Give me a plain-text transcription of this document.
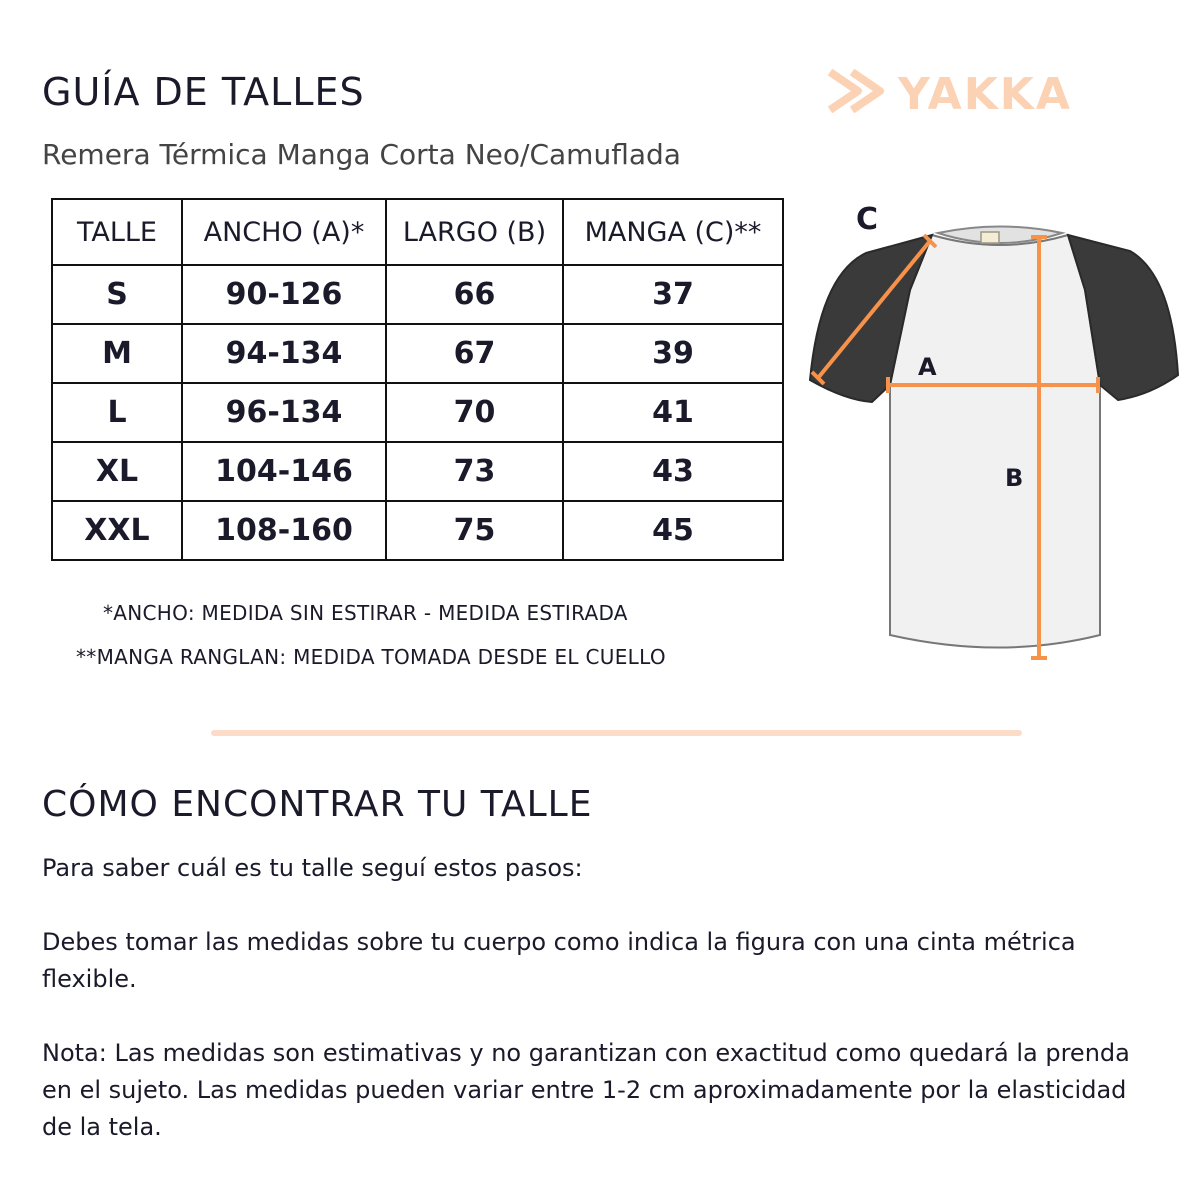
GUÍA DE TALLES

Remera Térmica Manga Corta Neo/Camuflada

YAKKA
TALLE	ANCHO (A)*	LARGO (B)	MANGA (C)**
S	90-126	66	37
M	94-134	67	39
L	96-134	70	41
XL	104-146	73	43
XXL	108-160	75	45

*ANCHO: MEDIDA SIN ESTIRAR - MEDIDA ESTIRADA

**MANGA RANGLAN: MEDIDA TOMADA DESDE EL CUELLO

C
A
B
CÓMO ENCONTRAR TU TALLE

Para saber cuál es tu talle seguí estos pasos:

Debes tomar las medidas sobre tu cuerpo como indica la figura con una cinta métrica flexible.

Nota: Las medidas son estimativas y no garantizan con exactitud como quedará la prenda en el sujeto. Las medidas pueden variar entre 1-2 cm aproximadamente por la elasticidad de la tela.
